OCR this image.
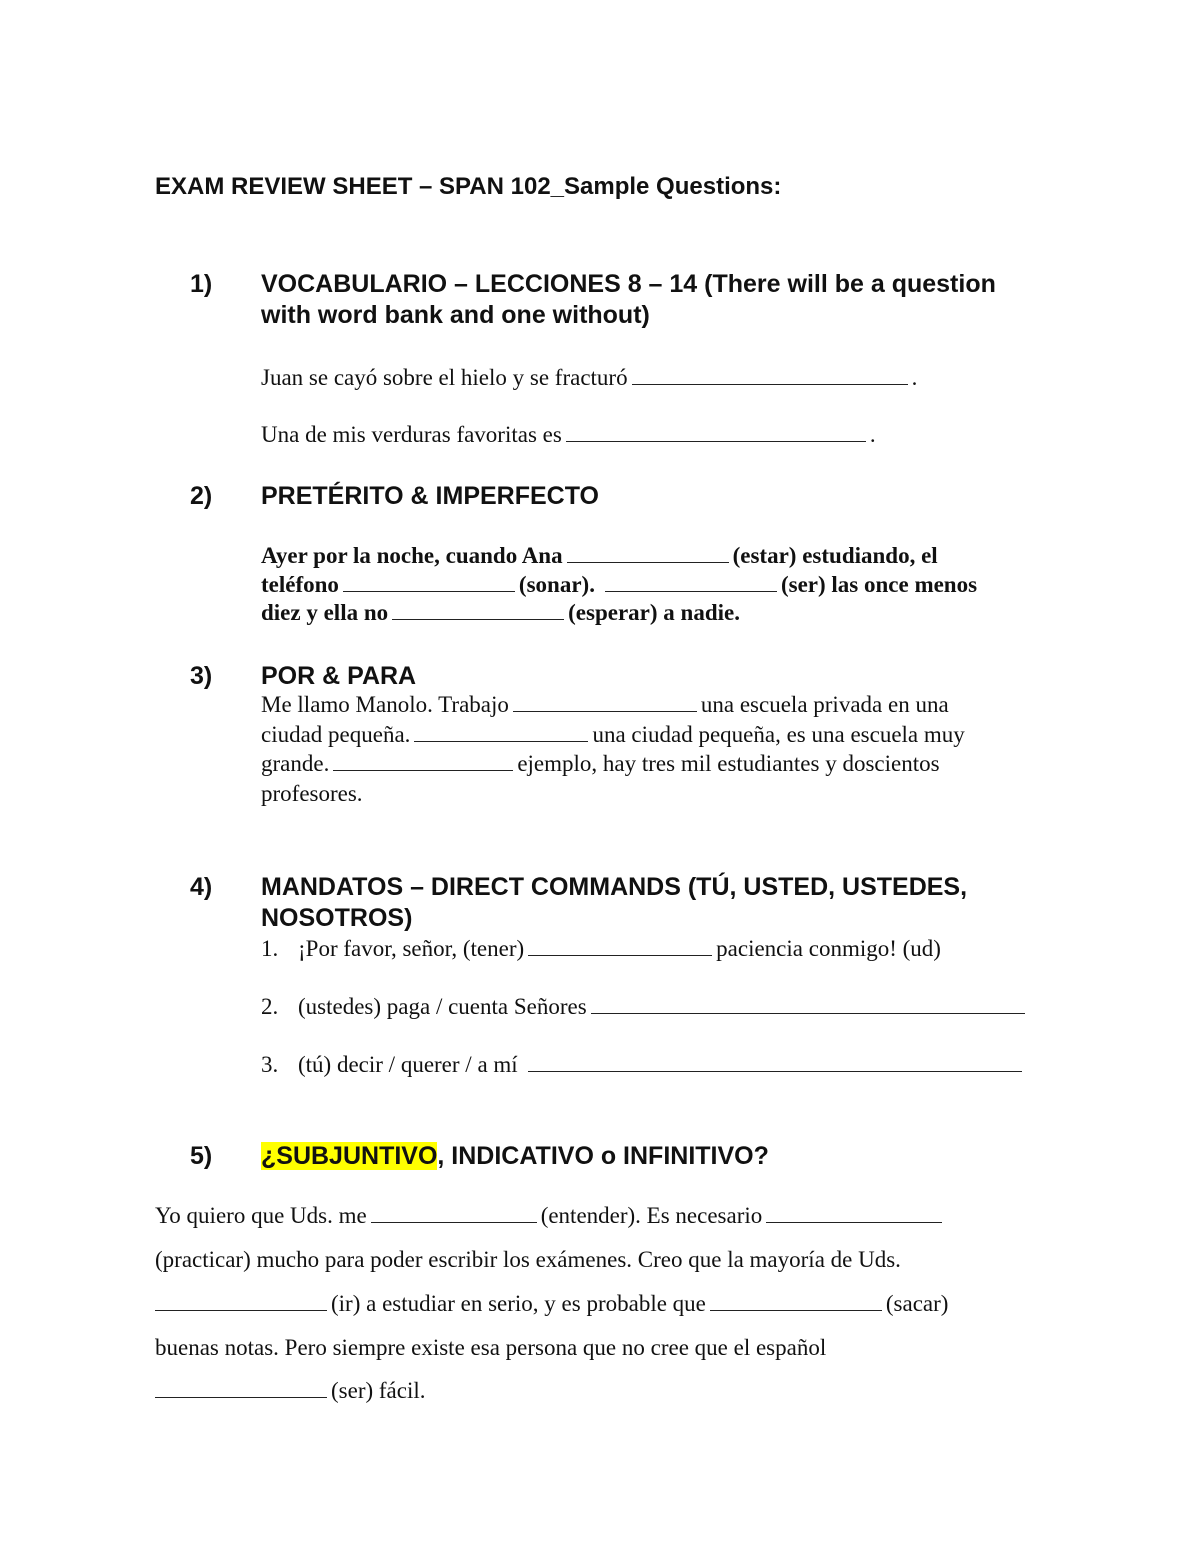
EXAM REVIEW SHEET – SPAN 102_Sample Questions:
1) VOCABULARIO – LECCIONES 8 – 14 (There will be a question
with word bank and one without)
Juan se cayó sobre el hielo y se fracturó	.
Una de mis verduras favoritas es	.
2) PRETÉRITO & IMPERFECTO
Ayer por la noche, cuando Ana	(estar) estudiando, el
teléfono	(sonar).	(ser) las once menos
diez y ella no	(esperar) a nadie.
3) POR & PARA
Me llamo Manolo. Trabajo	una escuela privada en una
ciudad pequeña.	una ciudad pequeña, es una escuela muy
grande.	ejemplo, hay tres mil estudiantes y doscientos
profesores.
4) MANDATOS – DIRECT COMMANDS (TÚ, USTED, USTEDES,
NOSOTROS)
1. ¡Por favor, señor, (tener)	paciencia conmigo! (ud)
2. (ustedes) paga / cuenta Señores
3. (tú) decir / querer / a mí
5) ¿SUBJUNTIVO, INDICATIVO o INFINITIVO?
Yo quiero que Uds. me	(entender). Es necesario
(practicar) mucho para poder escribir los exámenes. Creo que la mayoría de Uds.
(ir) a estudiar en serio, y es probable que	(sacar)
buenas notas. Pero siempre existe esa persona que no cree que el español
(ser) fácil.
